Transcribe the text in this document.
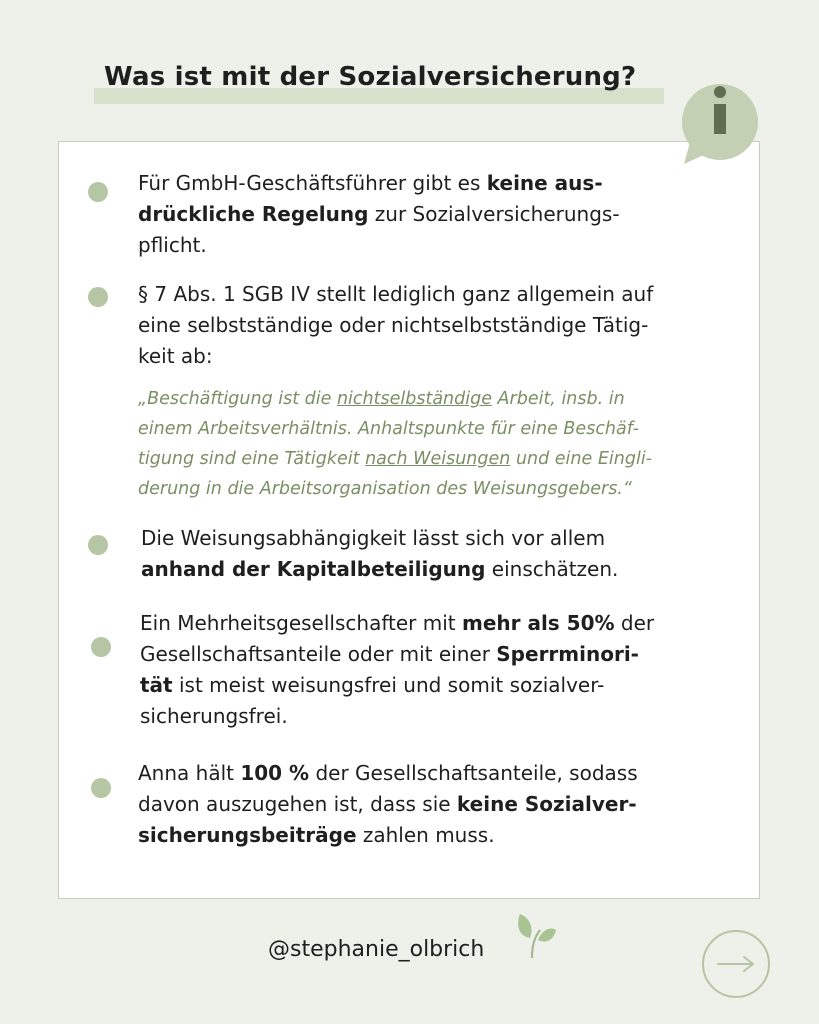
Was ist mit der Sozialversicherung?

Für GmbH-Geschäftsführer gibt es keine aus-
drückliche Regelung zur Sozialversicherungs-
pflicht.

§ 7 Abs. 1 SGB IV stellt lediglich ganz allgemein auf
eine selbstständige oder nichtselbstständige Tätig-
keit ab:

„Beschäftigung ist die nichtselbständige Arbeit, insb. in
einem Arbeitsverhältnis. Anhaltspunkte für eine Beschäf-
tigung sind eine Tätigkeit nach Weisungen und eine Eingli-
derung in die Arbeitsorganisation des Weisungsgebers.“

Die Weisungsabhängigkeit lässt sich vor allem
anhand der Kapitalbeteiligung einschätzen.

Ein Mehrheitsgesellschafter mit mehr als 50% der
Gesellschaftsanteile oder mit einer Sperrminori-
tät ist meist weisungsfrei und somit sozialver-
sicherungsfrei.

Anna hält 100 % der Gesellschaftsanteile, sodass
davon auszugehen ist, dass sie keine Sozialver-
sicherungsbeiträge zahlen muss.

@stephanie_olbrich
